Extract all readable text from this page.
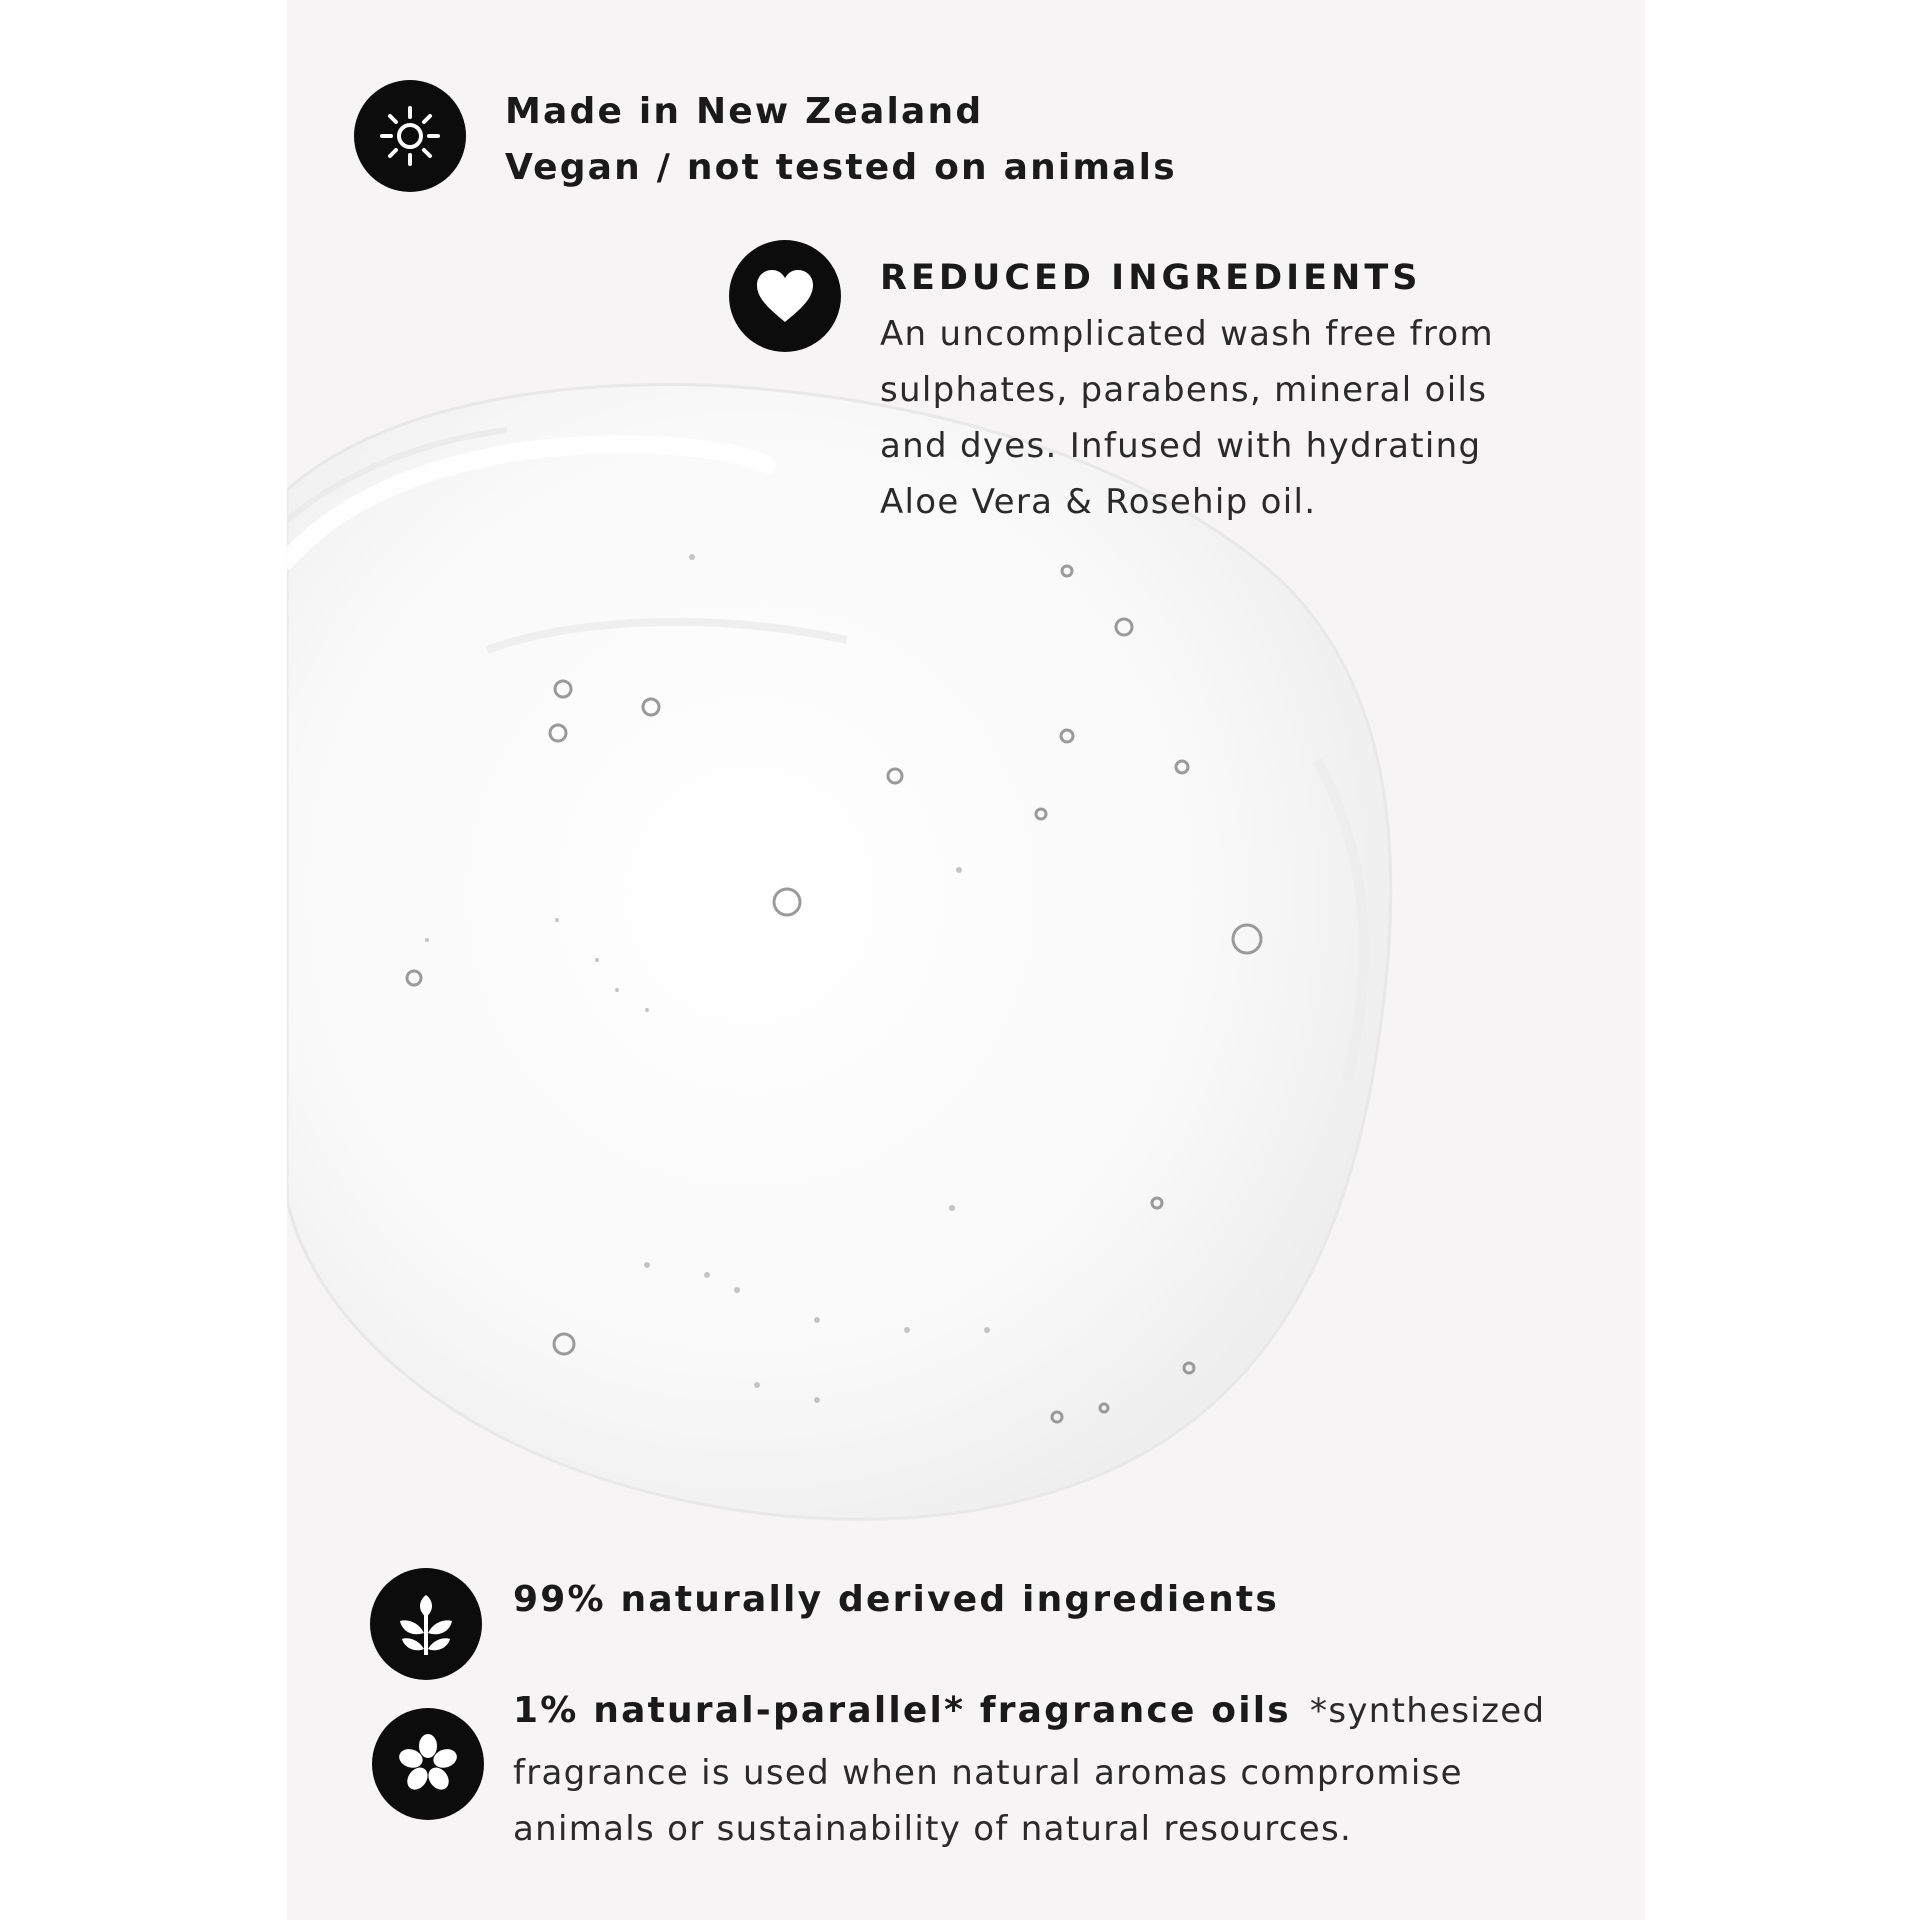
Made in New Zealand
Vegan / not tested on animals
REDUCED INGREDIENTS
An uncomplicated wash free from
sulphates, parabens, mineral oils
and dyes. Infused with hydrating
Aloe Vera & Rosehip oil.
99% naturally derived ingredients
1% natural-parallel* fragrance oils *synthesized
fragrance is used when natural aromas compromise
animals or sustainability of natural resources.
